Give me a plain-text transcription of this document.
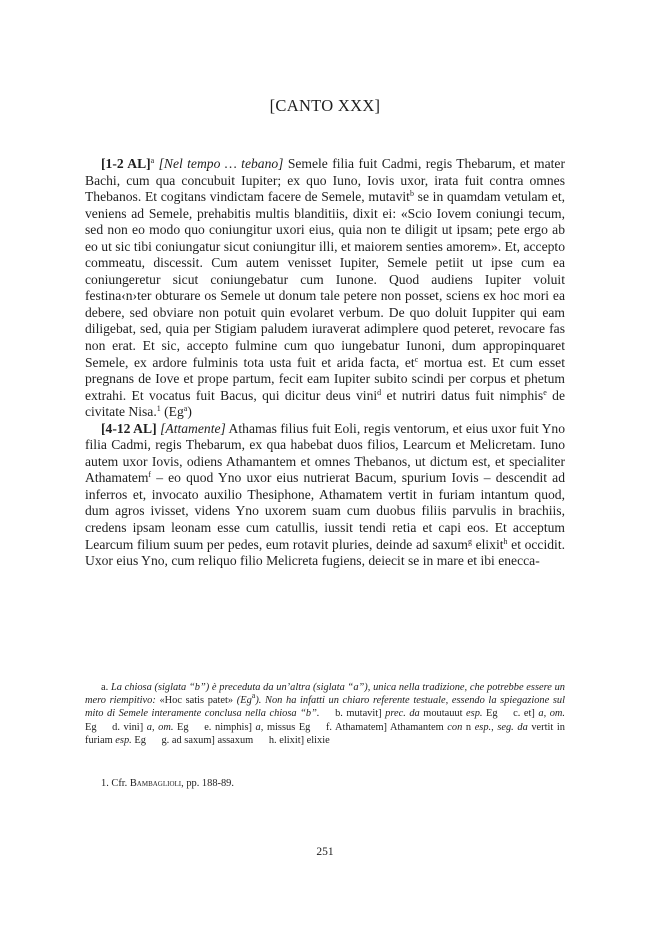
[CANTO XXX]

[1-2 AL]$^a$ [Nel tempo … tebano] Semele filia fuit Cadmi, regis Thebarum, et mater Bachi, cum qua concubuit Iupiter; ex quo Iuno, Iovis uxor, irata fuit contra omnes Thebanos. Et cogitans vindictam facere de Semele, mutavit$^b$ se in quamdam vetulam et, veniens ad Semele, prehabitis multis blanditiis, dixit ei: «Scio Iovem coniungi tecum, sed non eo modo quo coniungitur uxori eius, quia non te diligit ut ipsam; pete ergo ab eo ut sic tibi coniungatur sicut coniungitur illi, et maiorem senties amorem». Et, accepto commeatu, discessit. Cum autem venisset Iupiter, Semele petiit ut ipse cum ea coniungeretur sicut coniungebatur cum Iunone. Quod audiens Iupiter voluit festina‹n›ter obturare os Semele ut donum tale petere non posset, sciens ex hoc mori ea debere, sed obviare non potuit quin evolaret verbum. De quo doluit Iuppiter qui eam diligebat, sed, quia per Stigiam paludem iuraverat adimplere quod peteret, revocare fas non erat. Et sic, accepto fulmine cum quo iungebatur Iunoni, dum appropinquaret Semele, ex ardore fulminis tota usta fuit et arida facta, $et^c$ mortua est. Et cum esset pregnans de Iove et prope partum, fecit eam Iupiter subito scindi per corpus et phetum extrahi. Et vocatus fuit Bacus, qui dicitur deus vini$^d$ et nutriri datus fuit nimphis$^e$ de civitate Nisa.$^1$ (Eg$^a$)

[4-12 AL] [Attamente] Athamas filius fuit Eoli, regis ventorum, et eius uxor fuit Yno filia Cadmi, regis Thebarum, ex qua habebat duos filios, Learcum et Melicretam. Iuno autem uxor Iovis, odiens Athamantem et omnes Thebanos, ut dictum est, et specialiter Athamatem$^f$ – eo quod Yno uxor eius nutrierat Bacum, spurium Iovis – descendit ad inferros et, invocato auxilio Thesiphone, Athamatem vertit in furiam intantum quod, dum agros ivisset, videns Yno uxorem suam cum duobus filiis parvulis in brachiis, credens ipsam leonam esse cum catullis, iussit tendi retia et capi eos. Et acceptum Learcum filium suum per pedes, eum rotavit pluries, deinde ad saxum$^g$ elixit$^h$ et occidit. Uxor eius Yno, cum reliquo filio Melicreta fugiens, deiecit se in mare et ibi enecca-

a. La chiosa (siglata “b”) è preceduta da un’altra (siglata “a”), unica nella tradizione, che potrebbe essere un mero riempitivo: «Hoc satis patet» (Eg$^a$). Non ha infatti un chiaro referente testuale, essendo la spiegazione sul mito di Semele interamente conclusa nella chiosa “b”.   b. mutavit] prec. da moutauut esp. Eg   c. et] a, om. Eg   d. vini] a, om. Eg   e. nimphis] a, missus Eg   f. Athamatem] Athamantem con n esp., seg. da vertit in furiam esp. Eg   g. ad saxum] assaxum   h. elixit] elixie
1. Cfr. Bambaglioli, pp. 188-89.
251
